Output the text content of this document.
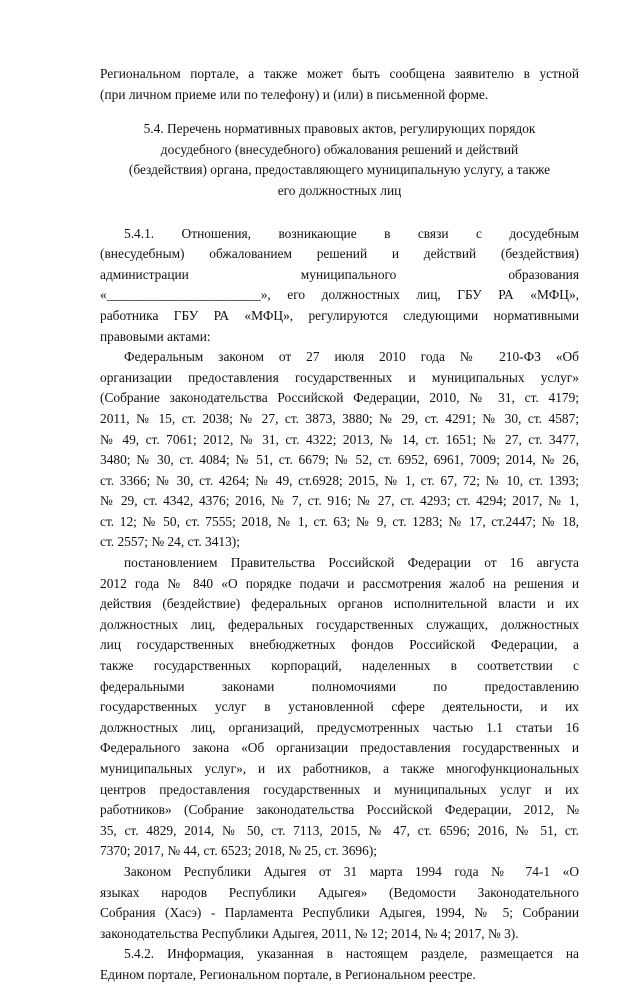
Региональном портале, а также может быть сообщена заявителю в устной
(при личном приеме или по телефону) и (или) в письменной форме.
5.4. Перечень нормативных правовых актов, регулирующих порядок
досудебного (внесудебного) обжалования решений и действий
(бездействия) органа, предоставляющего муниципальную услугу, а также
его должностных лиц
5.4.1. Отношения, возникающие в связи с досудебным
(внесудебным) обжалованием решений и действий (бездействия)
администрации муниципального образования
«_______________________», его должностных лиц, ГБУ РА «МФЦ»,
работника ГБУ РА «МФЦ», регулируются следующими нормативными
правовыми актами:
Федеральным законом от 27 июля 2010 года № 210-ФЗ «Об
организации предоставления государственных и муниципальных услуг»
(Собрание законодательства Российской Федерации, 2010, № 31, ст. 4179;
2011, № 15, ст. 2038; № 27, ст. 3873, 3880; № 29, ст. 4291; № 30, ст. 4587;
№ 49, ст. 7061; 2012, № 31, ст. 4322; 2013, № 14, ст. 1651; № 27, ст. 3477,
3480; № 30, ст. 4084; № 51, ст. 6679; № 52, ст. 6952, 6961, 7009; 2014, № 26,
ст. 3366; № 30, ст. 4264; № 49, ст.6928; 2015, № 1, ст. 67, 72; № 10, ст. 1393;
№ 29, ст. 4342, 4376; 2016, № 7, ст. 916; № 27, ст. 4293; ст. 4294; 2017, № 1,
ст. 12; № 50, ст. 7555; 2018, № 1, ст. 63; № 9, ст. 1283; № 17, ст.2447; № 18,
ст. 2557; № 24, ст. 3413);
постановлением Правительства Российской Федерации от 16 августа
2012 года № 840 «О порядке подачи и рассмотрения жалоб на решения и
действия (бездействие) федеральных органов исполнительной власти и их
должностных лиц, федеральных государственных служащих, должностных
лиц государственных внебюджетных фондов Российской Федерации, а
также государственных корпораций, наделенных в соответствии с
федеральными законами полномочиями по предоставлению
государственных услуг в установленной сфере деятельности, и их
должностных лиц, организаций, предусмотренных частью 1.1 статьи 16
Федерального закона «Об организации предоставления государственных и
муниципальных услуг», и их работников, а также многофункциональных
центров предоставления государственных и муниципальных услуг и их
работников» (Собрание законодательства Российской Федерации, 2012, №
35, ст. 4829, 2014, № 50, ст. 7113, 2015, № 47, ст. 6596; 2016, № 51, ст.
7370; 2017, № 44, ст. 6523; 2018, № 25, ст. 3696);
Законом Республики Адыгея от 31 марта 1994 года № 74-1 «О
языках народов Республики Адыгея» (Ведомости Законодательного
Собрания (Хасэ) - Парламента Республики Адыгея, 1994, № 5; Собрании
законодательства Республики Адыгея, 2011, № 12; 2014, № 4; 2017, № 3).
5.4.2. Информация, указанная в настоящем разделе, размещается на
Едином портале, Региональном портале, в Региональном реестре.
